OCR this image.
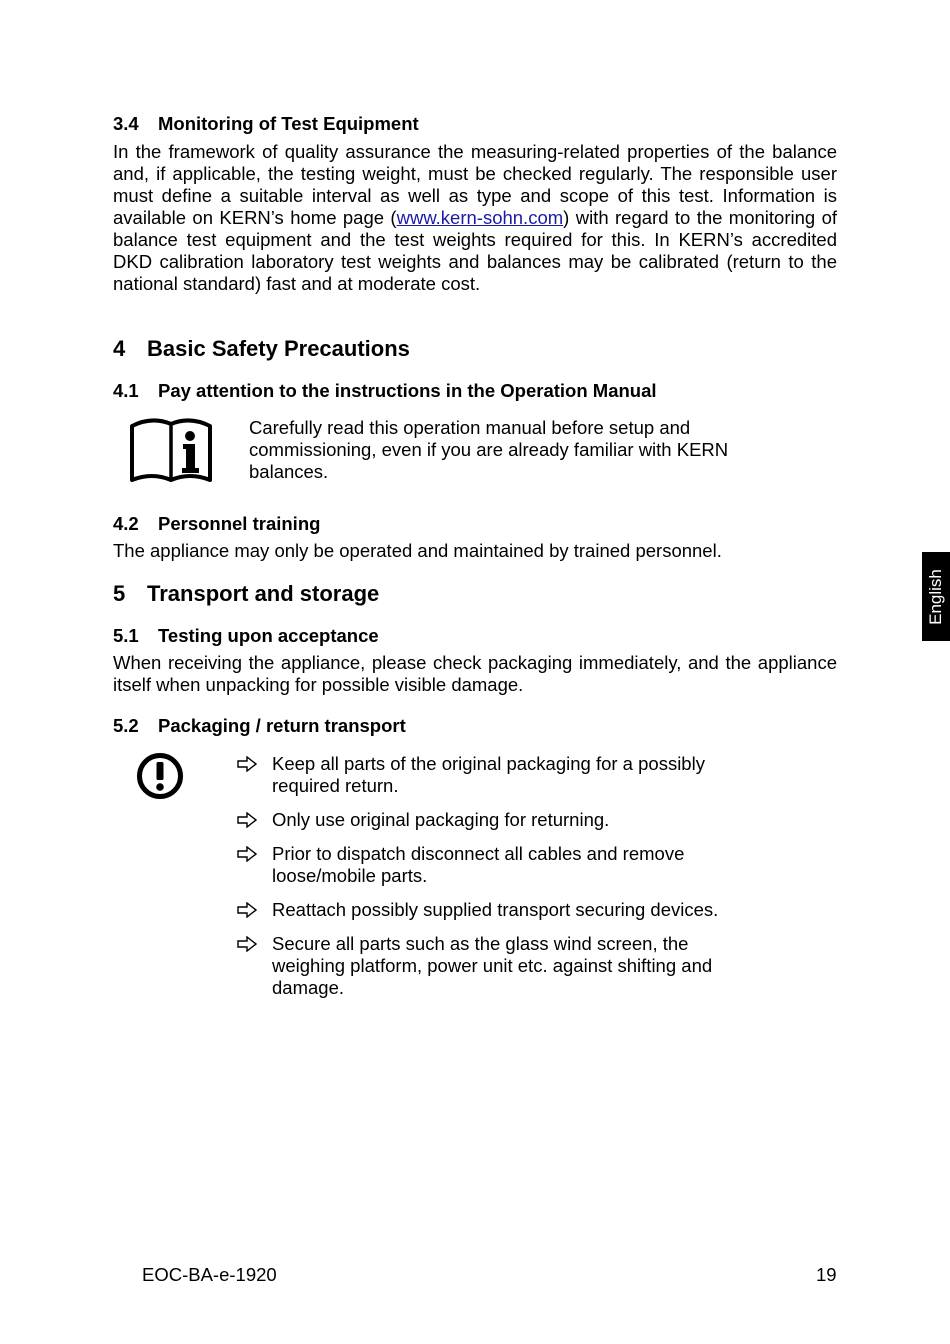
3.4 Monitoring of Test Equipment
In the framework of quality assurance the measuring-related properties of the balance and, if applicable, the testing weight, must be checked regularly. The responsible user must define a suitable interval as well as type and scope of this test. Information is available on KERN’s home page (www.kern-sohn.com) with regard to the monitoring of balance test equipment and the test weights required for this. In KERN’s accredited DKD calibration laboratory test weights and balances may be calibrated (return to the national standard) fast and at moderate cost.
4 Basic Safety Precautions
4.1 Pay attention to the instructions in the Operation Manual
Carefully read this operation manual before setup and commissioning, even if you are already familiar with KERN balances.
4.2 Personnel training
The appliance may only be operated and maintained by trained personnel.
5 Transport and storage
5.1 Testing upon acceptance
When receiving the appliance, please check packaging immediately, and the appliance itself when unpacking for possible visible damage.
5.2 Packaging / return transport
Keep all parts of the original packaging for a possibly required return.
Only use original packaging for returning.
Prior to dispatch disconnect all cables and remove loose/mobile parts.
Reattach possibly supplied transport securing devices.
Secure all parts such as the glass wind screen, the weighing platform, power unit etc. against shifting and damage.
English
EOC-BA-e-1920	19
